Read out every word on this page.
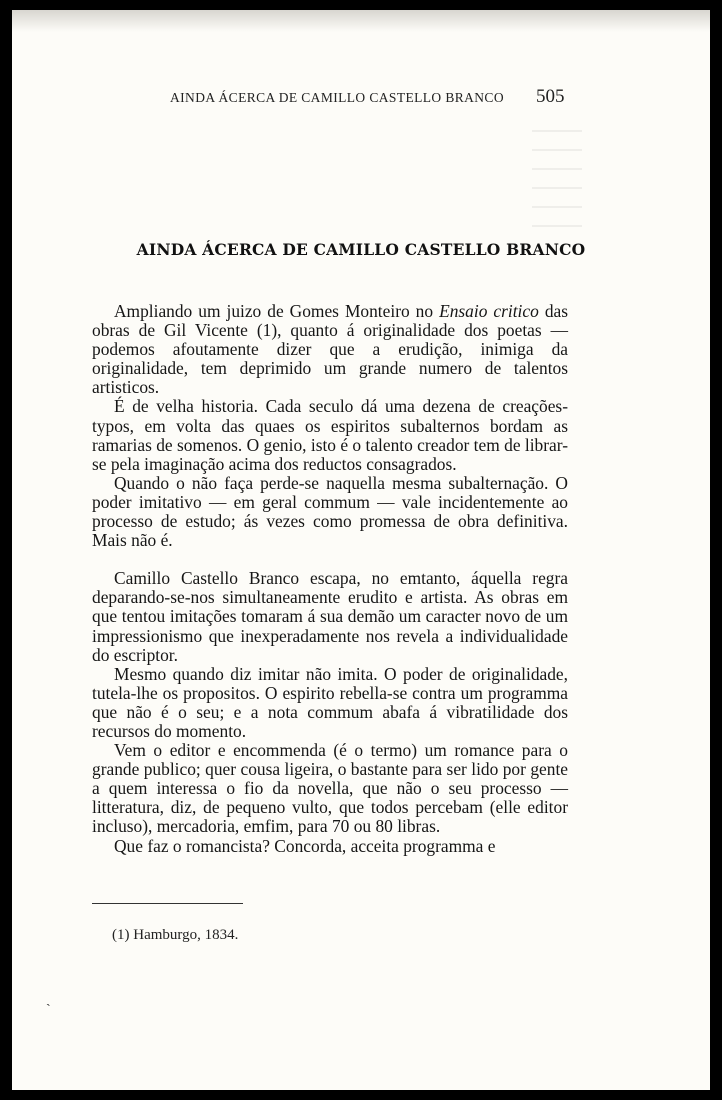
AINDA ÁCERCA DE CAMILLO CASTELLO BRANCO 505
AINDA ÁCERCA DE CAMILLO CASTELLO BRANCO

Ampliando um juizo de Gomes Monteiro no Ensaio critico das obras de Gil Vicente (1), quanto á originalidade dos poetas — podemos afoutamente dizer que a erudição, inimiga da originalidade, tem deprimido um grande numero de talentos artisticos.

É de velha historia. Cada seculo dá uma dezena de creações-typos, em volta das quaes os espiritos subalternos bordam as ramarias de somenos. O genio, isto é o talento creador tem de librar-se pela imaginação acima dos reductos consagrados.

Quando o não faça perde-se naquella mesma subalternação. O poder imitativo — em geral commum — vale incidentemente ao processo de estudo; ás vezes como promessa de obra definitiva. Mais não é.

Camillo Castello Branco escapa, no emtanto, áquella regra deparando-se-nos simultaneamente erudito e artista. As obras em que tentou imitações tomaram á sua demão um caracter novo de um impressionismo que inexperadamente nos revela a individualidade do escriptor.

Mesmo quando diz imitar não imita. O poder de originalidade, tutela-lhe os propositos. O espirito rebella-se contra um programma que não é o seu; e a nota commum abafa á vibratilidade dos recursos do momento.

Vem o editor e encommenda (é o termo) um romance para o grande publico; quer cousa ligeira, o bastante para ser lido por gente a quem interessa o fio da novella, que não o seu processo — litteratura, diz, de pequeno vulto, que todos percebam (elle editor incluso), mercadoria, emfim, para 70 ou 80 libras.

Que faz o romancista? Concorda, acceita programma e

(1) Hamburgo, 1834.
ˏ
